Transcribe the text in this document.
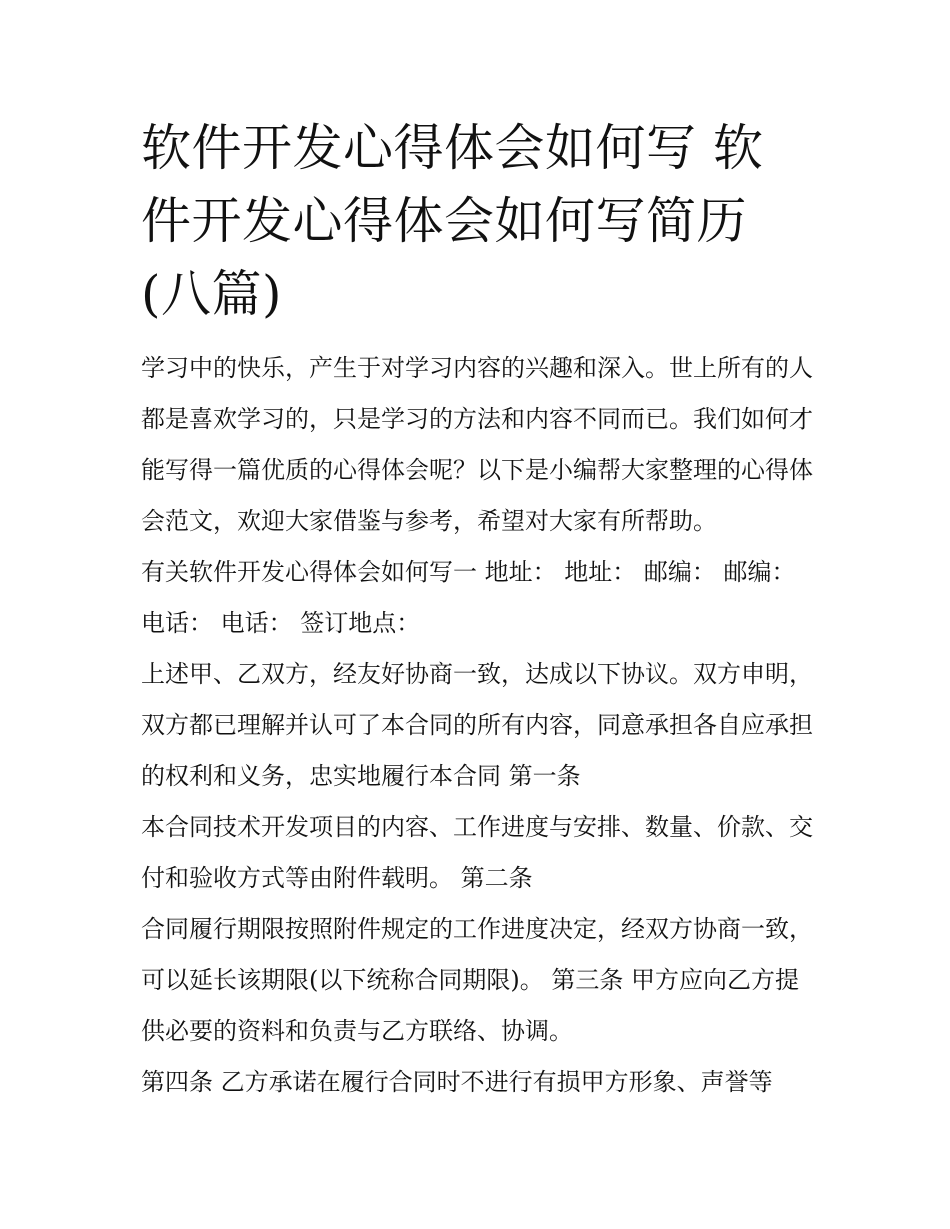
软件开发心得体会如何写 软件开发心得体会如何写简历(八篇)

学习中的快乐，产生于对学习内容的兴趣和深入。世上所有的人都是喜欢学习的，只是学习的方法和内容不同而已。我们如何才能写得一篇优质的心得体会呢？以下是小编帮大家整理的心得体会范文，欢迎大家借鉴与参考，希望对大家有所帮助。

有关软件开发心得体会如何写一 地址： 地址： 邮编： 邮编： 电话： 电话： 签订地点：

上述甲、乙双方，经友好协商一致，达成以下协议。双方申明，双方都已理解并认可了本合同的所有内容，同意承担各自应承担的权利和义务，忠实地履行本合同 第一条

本合同技术开发项目的内容、工作进度与安排、数量、价款、交付和验收方式等由附件载明。 第二条

合同履行期限按照附件规定的工作进度决定，经双方协商一致，可以延长该期限(以下统称合同期限)。 第三条 甲方应向乙方提供必要的资料和负责与乙方联络、协调。

第四条 乙方承诺在履行合同时不进行有损甲方形象、声誉等
